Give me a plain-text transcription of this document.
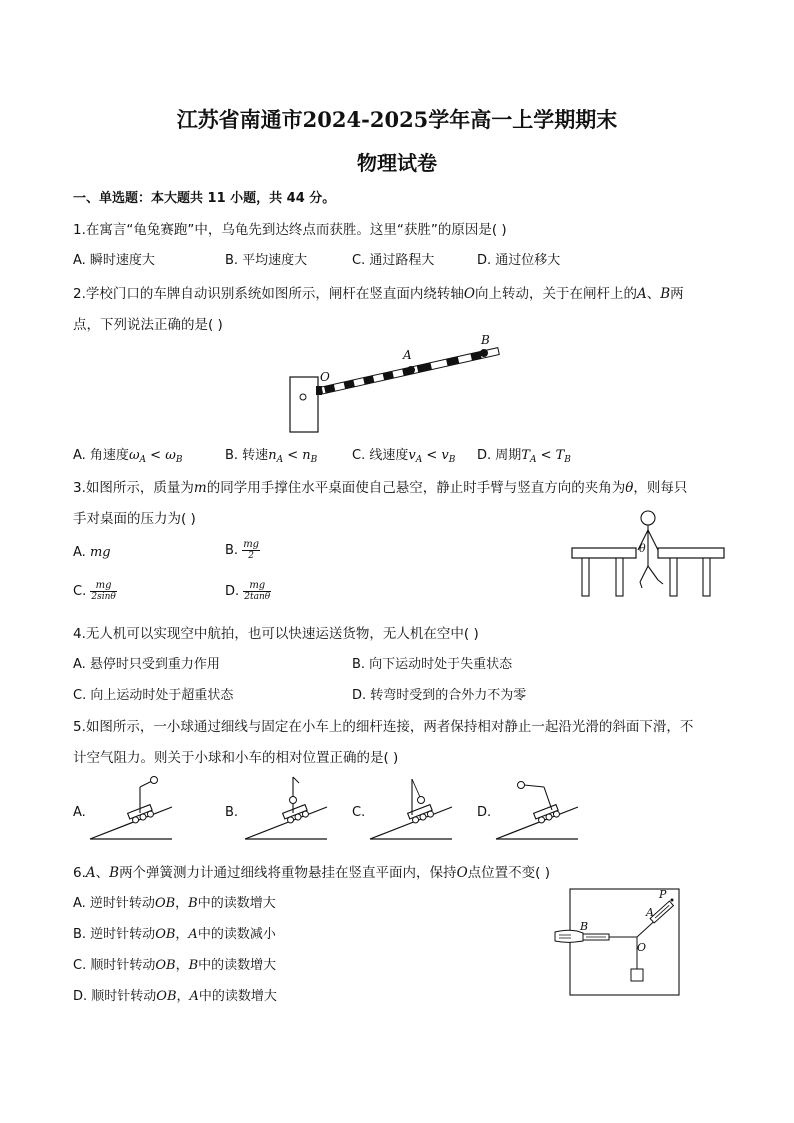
江苏省南通市2024-2025学年高一上学期期末
物理试卷
一、单选题：本大题共 11 小题，共 44 分。
1.在寓言“龟兔赛跑”中，乌龟先到达终点而获胜。这里“获胜”的原因是( )
A. 瞬时速度大	B. 平均速度大	C. 通过路程大	D. 通过位移大
2.学校门口的车牌自动识别系统如图所示，闸杆在竖直面内绕转轴O向上转动，关于在闸杆上的A、B两
点，下列说法正确的是( )
O
A
B
A. 角速度$\omega_A < \omega_B$	B. 转速$n_A < n_B$	C. 线速度$v_A < v_B$ D. 周期$T_A < T_B$
3.如图所示，质量为m的同学用手撑住水平桌面使自己悬空，静止时手臂与竖直方向的夹角为θ，则每只
手对桌面的压力为( )
A. mg	B. $\frac{mg}{2}$
C. $\frac{mg}{2\sin\theta}$	D. $\frac{mg}{2\tan\theta}$
θ
4.无人机可以实现空中航拍，也可以快速运送货物，无人机在空中( )
A. 悬停时只受到重力作用	B. 向下运动时处于失重状态
C. 向上运动时处于超重状态	D. 转弯时受到的合外力不为零
5.如图所示，一小球通过细线与固定在小车上的细杆连接，两者保持相对静止一起沿光滑的斜面下滑，不
计空气阻力。则关于小球和小车的相对位置正确的是( )
A.	B.	C.	D.
6.A、B两个弹簧测力计通过细线将重物悬挂在竖直平面内，保持O点位置不变( )
A. 逆时针转动OB，B中的读数增大
B. 逆时针转动OB，A中的读数减小
C. 顺时针转动OB，B中的读数增大
D. 顺时针转动OB，A中的读数增大
P
A
B
O
